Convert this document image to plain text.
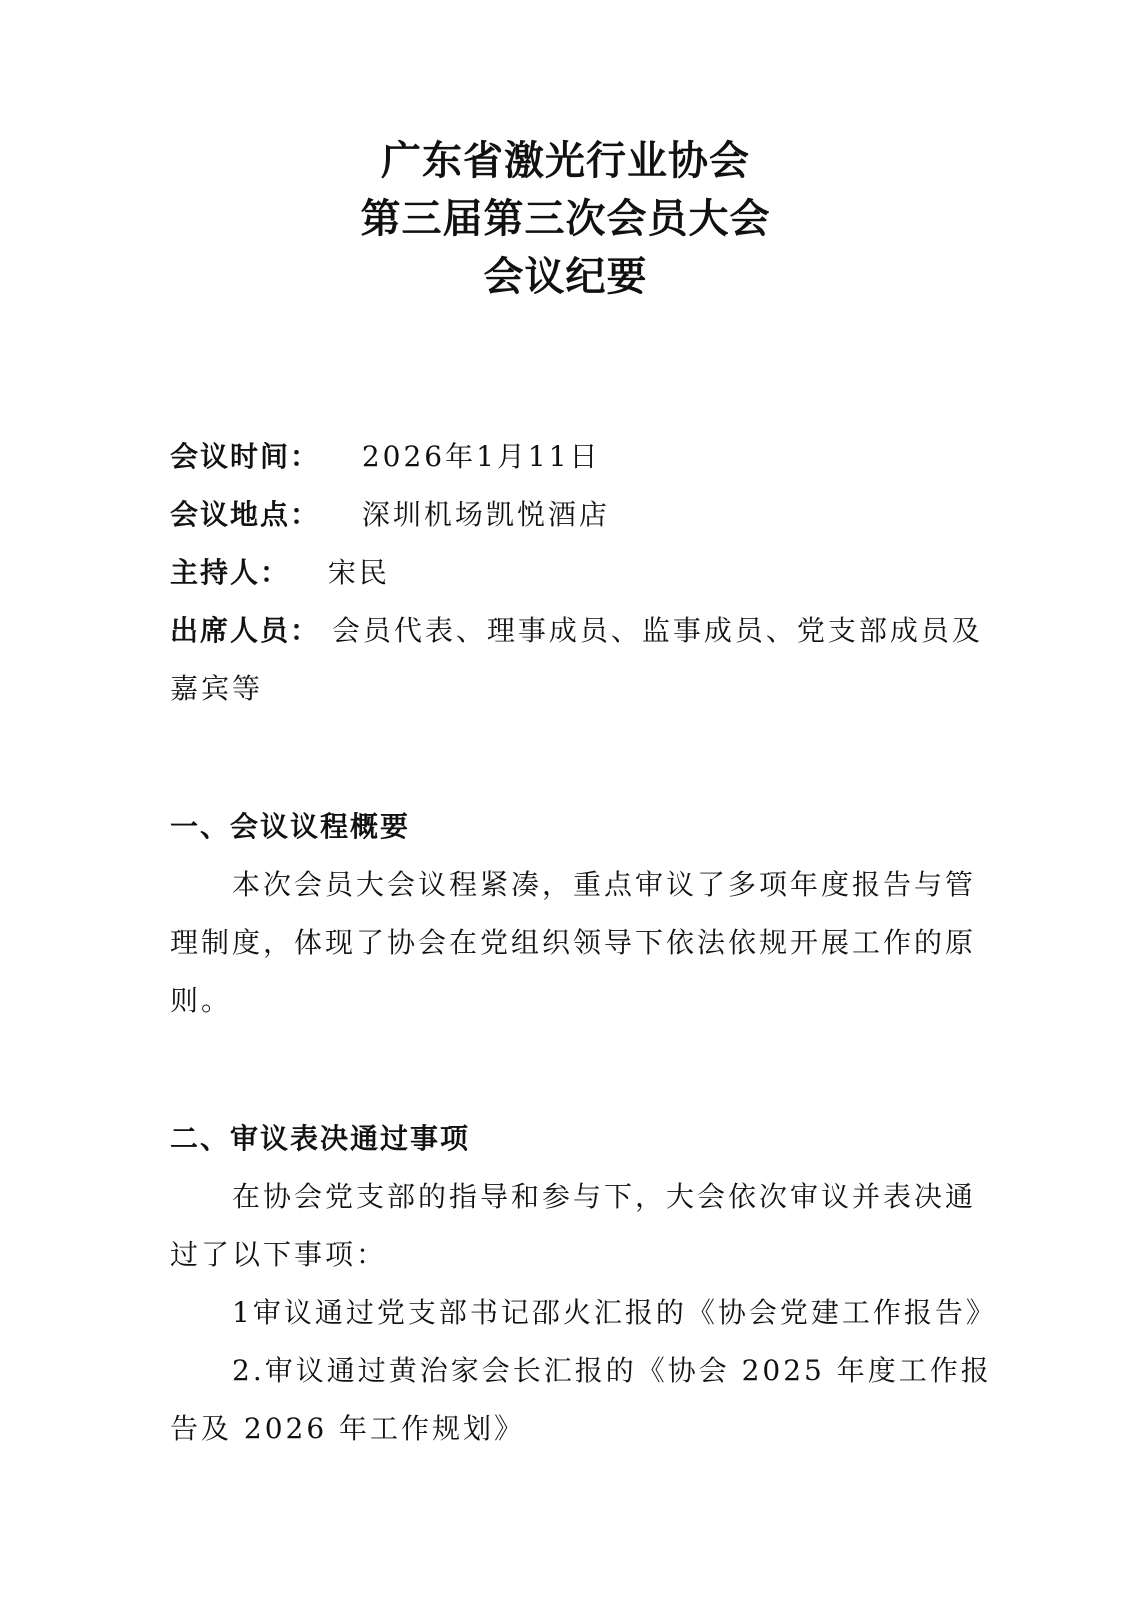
广东省激光行业协会
第三届第三次会员大会
会议纪要
会议时间： 2026年1月11日
会议地点： 深圳机场凯悦酒店
主持人： 宋民
出席人员： 会员代表、理事成员、监事成员、党支部成员及
嘉宾等
一、会议议程概要
本次会员大会议程紧凑，重点审议了多项年度报告与管
理制度，体现了协会在党组织领导下依法依规开展工作的原
则。
二、审议表决通过事项
在协会党支部的指导和参与下，大会依次审议并表决通
过了以下事项：
1审议通过党支部书记邵火汇报的《协会党建工作报告》
2.审议通过黄治家会长汇报的《协会 2025 年度工作报
告及 2026 年工作规划》
